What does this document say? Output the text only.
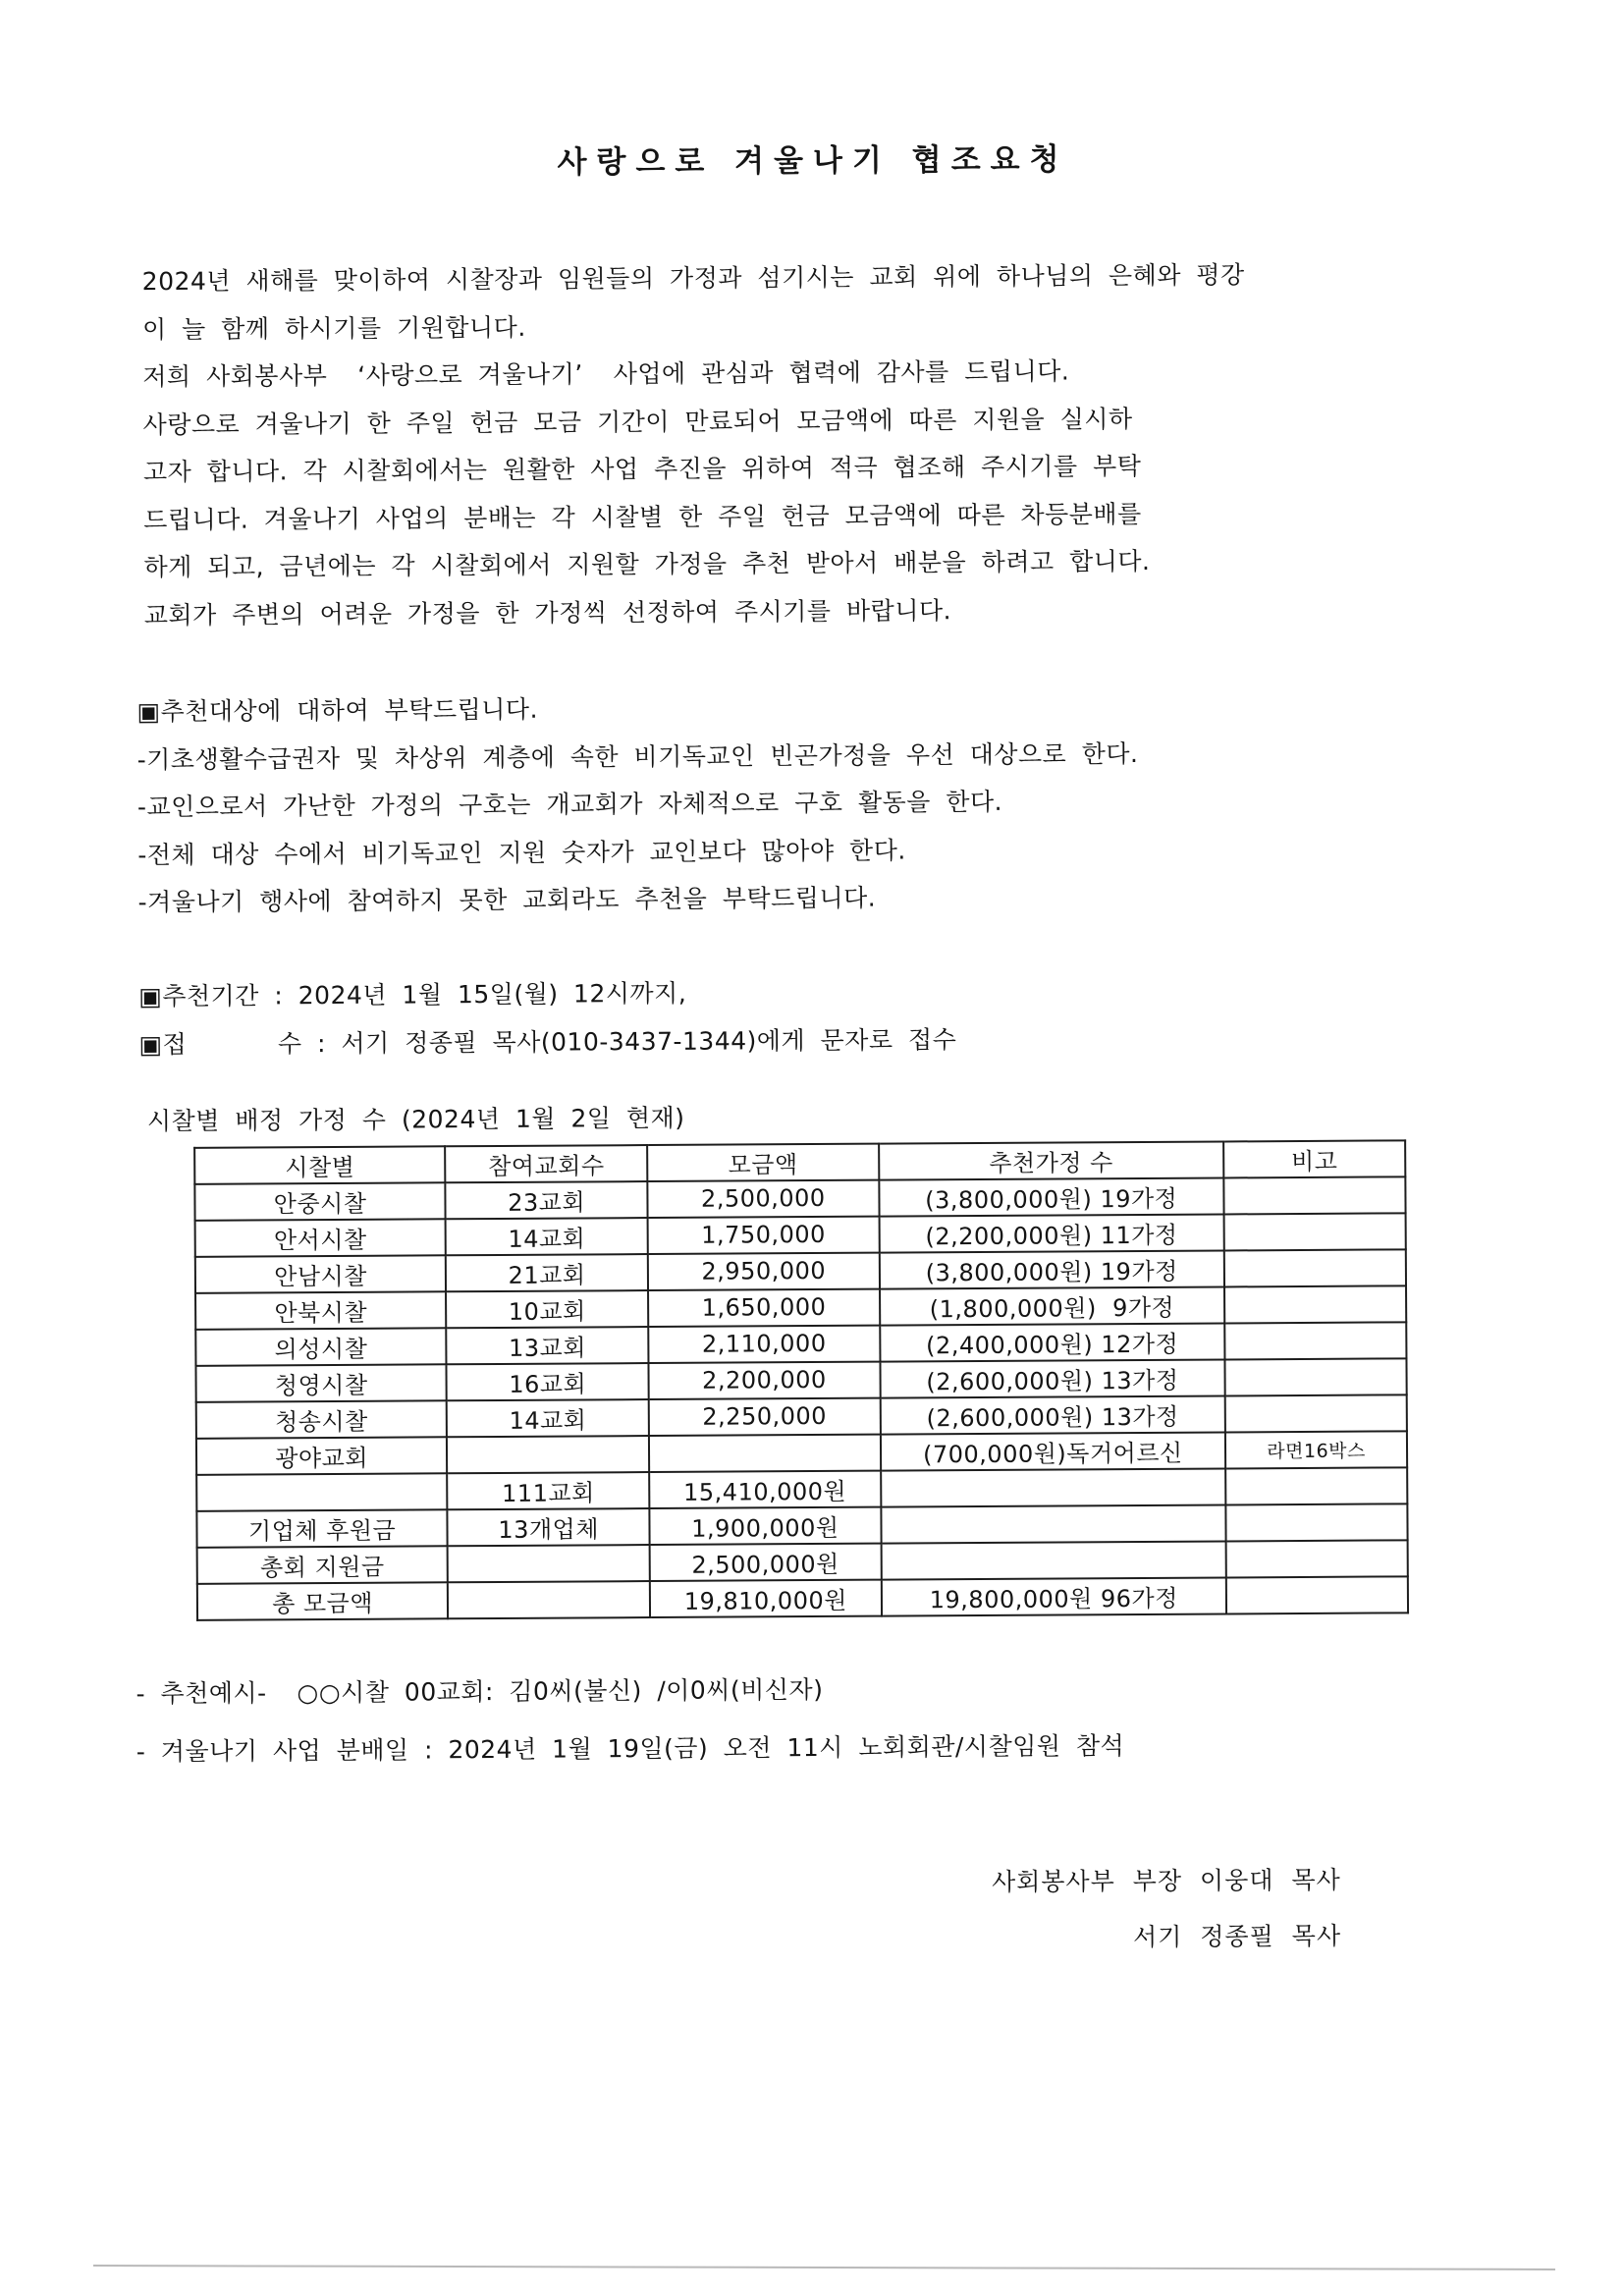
사랑으로 겨울나기 협조요청
2024년 새해를 맞이하여 시찰장과 임원들의 가정과 섬기시는 교회 위에 하나님의 은혜와 평강
이 늘 함께 하시기를 기원합니다.
저희 사회봉사부  ‘사랑으로 겨울나기’  사업에 관심과 협력에 감사를 드립니다.
사랑으로 겨울나기 한 주일 헌금 모금 기간이 만료되어 모금액에 따른 지원을 실시하
고자 합니다. 각 시찰회에서는 원활한 사업 추진을 위하여 적극 협조해 주시기를 부탁
드립니다. 겨울나기 사업의 분배는 각 시찰별 한 주일 헌금 모금액에 따른 차등분배를
하게 되고, 금년에는 각 시찰회에서 지원할 가정을 추천 받아서 배분을 하려고 합니다.
교회가 주변의 어려운 가정을 한 가정씩 선정하여 주시기를 바랍니다.
▣추천대상에 대하여 부탁드립니다.
-기초생활수급권자 및 차상위 계층에 속한 비기독교인 빈곤가정을 우선 대상으로 한다.
-교인으로서 가난한 가정의 구호는 개교회가 자체적으로 구호 활동을 한다.
-전체 대상 수에서 비기독교인 지원 숫자가 교인보다 많아야 한다.
-겨울나기 행사에 참여하지 못한 교회라도 추천을 부탁드립니다.
▣추천기간 : 2024년 1월 15일(월) 12시까지,
▣접      수 : 서기 정종필 목사(010-3437-1344)에게 문자로 접수
시찰별 배정 가정 수 (2024년 1월 2일 현재)
시찰별	참여교회수	모금액	추천가정 수	비고
안중시찰	23교회	2,500,000	(3,800,000원) 19가정	
안서시찰	14교회	1,750,000	(2,200,000원) 11가정	
안남시찰	21교회	2,950,000	(3,800,000원) 19가정	
안북시찰	10교회	1,650,000	(1,800,000원)  9가정	
의성시찰	13교회	2,110,000	(2,400,000원) 12가정	
청영시찰	16교회	2,200,000	(2,600,000원) 13가정	
청송시찰	14교회	2,250,000	(2,600,000원) 13가정	
광야교회			(700,000원)독거어르신	라면16박스
	111교회	15,410,000원		
기업체 후원금	13개업체	1,900,000원		
총회 지원금		2,500,000원		
총 모금액		19,810,000원	19,800,000원 96가정	
- 추천예시-  ○○시찰 00교회: 김0씨(불신) /이0씨(비신자)
- 겨울나기 사업 분배일 : 2024년 1월 19일(금) 오전 11시 노회회관/시찰임원 참석
사회봉사부 부장 이웅대 목사
서기 정종필 목사
